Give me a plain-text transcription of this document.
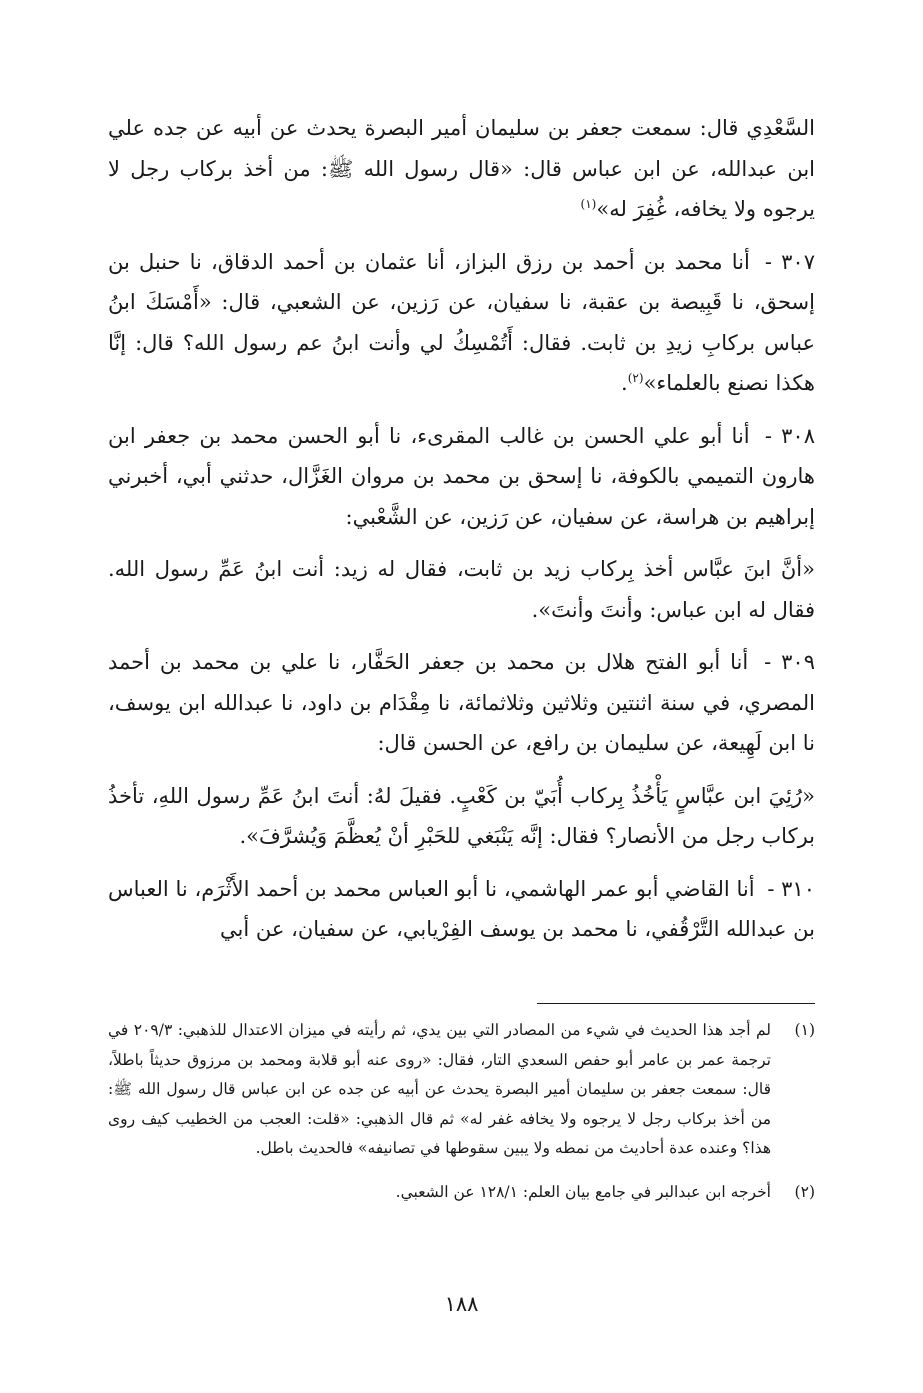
السَّعْدِي قال: سمعت جعفر بن سليمان أمير البصرة يحدث عن أبيه عن جده علي ابن عبدالله، عن ابن عباس قال: «قال رسول الله ﷺ: من أخذ بركاب رجل لا يرجوه ولا يخافه، غُفِرَ له»$^{(١)}$

٣٠٧ - أنا محمد بن أحمد بن رزق البزاز، أنا عثمان بن أحمد الدقاق، نا حنبل بن إسحق، نا قَبِيصة بن عقبة، نا سفيان، عن رَزين، عن الشعبي، قال: «أَمْسَكَ ابنُ عباس بركابِ زيدِ بن ثابت. فقال: أَتُمْسِكُ لي وأنت ابنُ عم رسول الله؟ قال: إنَّا هكذا نصنع بالعلماء»$^{(٢)}$.

٣٠٨ - أنا أبو علي الحسن بن غالب المقرىء، نا أبو الحسن محمد بن جعفر ابن هارون التميمي بالكوفة، نا إسحق بن محمد بن مروان الغَزَّال، حدثني أبي، أخبرني إبراهيم بن هراسة، عن سفيان، عن رَزين، عن الشَّعْبي:

«أنَّ ابنَ عبَّاس أخذ بِركاب زيد بن ثابت، فقال له زيد: أنت ابنُ عَمِّ رسول الله. فقال له ابن عباس: وأنتَ وأنتَ».

٣٠٩ - أنا أبو الفتح هلال بن محمد بن جعفر الحَفَّار، نا علي بن محمد بن أحمد المصري، في سنة اثنتين وثلاثين وثلاثمائة، نا مِقْدَام بن داود، نا عبدالله ابن يوسف، نا ابن لَهِيعة، عن سليمان بن رافع، عن الحسن قال:

«رُئِيَ ابن عبَّاسٍ يَأْخُذُ بِركاب أُبَيّ بن كَعْبٍ. فقيلَ لهُ: أنتَ ابنُ عَمِّ رسول اللهِ، تأخذُ بركاب رجل من الأنصار؟ فقال: إنَّه يَنْبَغي للحَبْرِ أنْ يُعظَّمَ وَيُشرَّفَ».

٣١٠ - أنا القاضي أبو عمر الهاشمي، نا أبو العباس محمد بن أحمد الأَثْرَم، نا العباس بن عبدالله التَّرْقُفي، نا محمد بن يوسف الفِرْيابي، عن سفيان، عن أبي

(١)
لم أجد هذا الحديث في شيء من المصادر التي بين يدي، ثم رأيته في ميزان الاعتدال للذهبي: ٢٠٩/٣ في ترجمة عمر بن عامر أبو حفص السعدي التار، فقال: «روى عنه أبو قلابة ومحمد بن مرزوق حديثاً باطلاً، قال: سمعت جعفر بن سليمان أمير البصرة يحدث عن أبيه عن جده عن ابن عباس قال رسول الله ﷺ: من أخذ بركاب رجل لا يرجوه ولا يخافه غفر له» ثم قال الذهبي: «قلت: العجب من الخطيب كيف روى هذا؟ وعنده عدة أحاديث من نمطه ولا يبين سقوطها في تصانيفه» فالحديث باطل.
(٢)
أخرجه ابن عبدالبر في جامع بيان العلم: ١٢٨/١ عن الشعبي.
١٨٨
